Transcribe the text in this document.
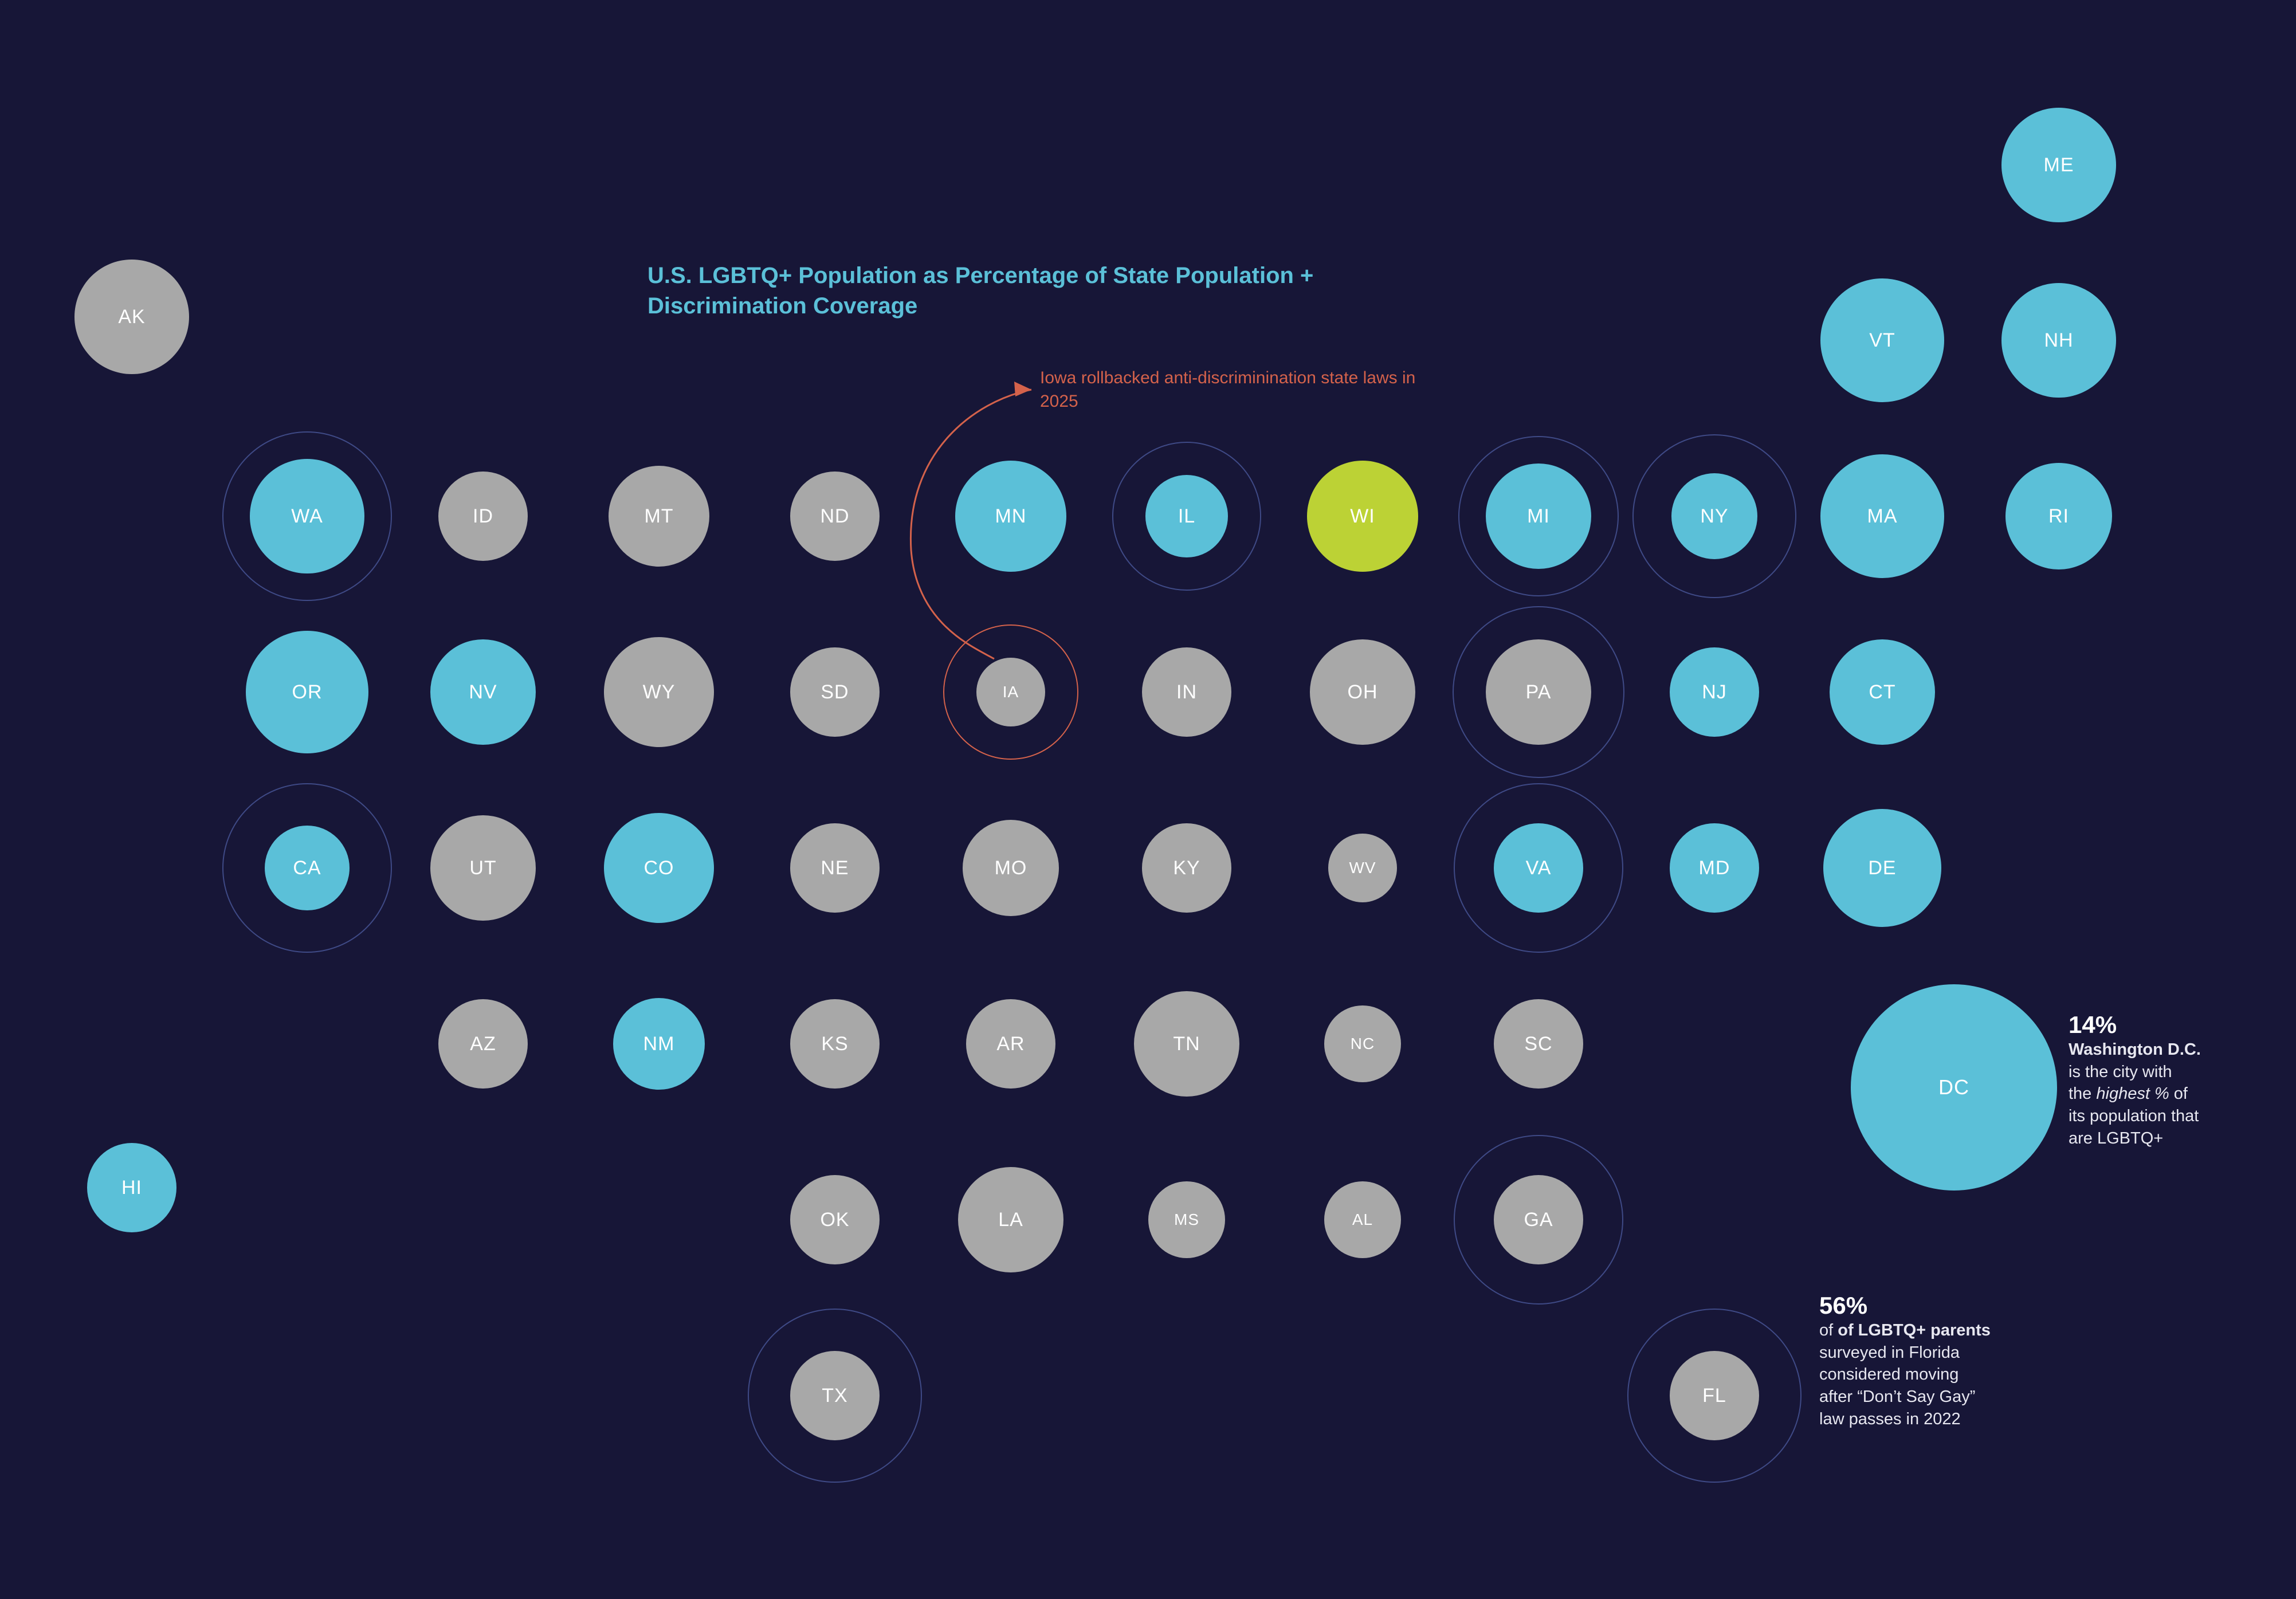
U.S. LGBTQ+ Population as Percentage of State Population + Discrimination Coverage
Iowa rollbacked anti-discriminination state laws in 2025
14%
Washington D.C.
is the city with
the highest % of
its population that
are LGBTQ+
56%
of of LGBTQ+ parents
surveyed in Florida
considered moving
after “Don’t Say Gay”
law passes in 2022
AK
ME
VT	NH
WA	ID	MT	ND	MN	IL	WI	MI	NY	MA	RI
OR	NV	WY	SD	IA	IN	OH	PA	NJ	CT
CA	UT	CO	NE	MO	KY	WV	VA	MD	DE
AZ	NM	KS	AR	TN	NC	SC
HI
OK	LA	MS	AL	GA
DC
TX	FL
